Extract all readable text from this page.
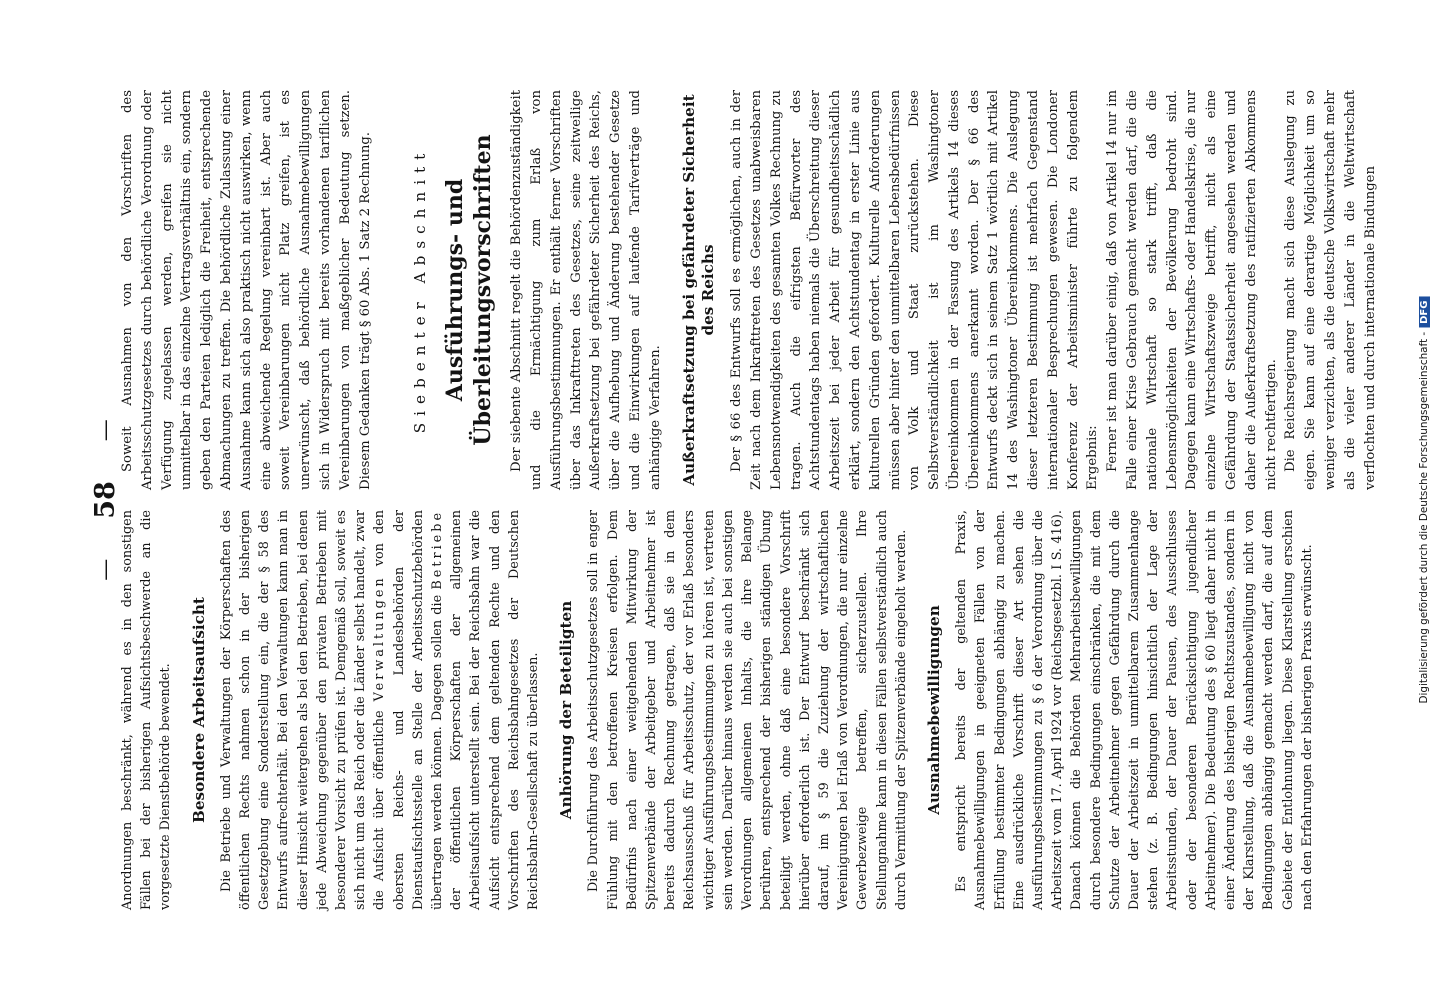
—
58
—

Anordnungen beschränkt, während es in den sonstigen Fällen bei der bisherigen Aufsichtsbeschwerde an die vorgesetzte Dienstbehörde bewendet. Besondere Arbeitsaufsicht Die Betriebe und Verwaltungen der Körperschaften des öffentlichen Rechts nahmen schon in der bisherigen Gesetzgebung eine Sonderstellung ein, die der § 58 des Entwurfs aufrechterhält. Bei den Verwaltungen kann man in dieser Hinsicht weitergehen als bei den Betrieben, bei denen jede Abweichung gegenüber den privaten Betrieben mit besonderer Vorsicht zu prüfen ist. Demgemäß soll, soweit es sich nicht um das Reich oder die Länder selbst handelt, zwar die Aufsicht über öffentliche Verwaltungen von den obersten Reichs- und Landesbehörden der Dienstaufsichtsstelle an Stelle der Arbeitsschutzbehörden übertragen werden können. Dagegen sollen die Betriebe der öffentlichen Körperschaften der allgemeinen Arbeitsaufsicht unterstellt sein. Bei der Reichsbahn war die Aufsicht entsprechend dem geltenden Rechte und den Vorschriften des Reichsbahngesetzes der Deutschen Reichsbahn-Gesellschaft zu überlassen. Anhörung der Beteiligten Die Durchführung des Arbeitsschutzgesetzes soll in enger Fühlung mit den betroffenen Kreisen erfolgen. Dem Bedürfnis nach einer weitgehenden Mitwirkung der Spitzenverbände der Arbeitgeber und Arbeitnehmer ist bereits dadurch Rechnung getragen, daß sie in dem Reichsausschuß für Arbeitsschutz, der vor Erlaß besonders wichtiger Ausführungsbestimmungen zu hören ist, vertreten sein werden. Darüber hinaus werden sie auch bei sonstigen Verordnungen allgemeinen Inhalts, die ihre Belange berühren, entsprechend der bisherigen ständigen Übung beteiligt werden, ohne daß eine besondere Vorschrift hierüber erforderlich ist. Der Entwurf beschränkt sich darauf, im § 59 die Zuziehung der wirtschaftlichen Vereinigungen bei Erlaß von Verordnungen, die nur einzelne Gewerbezweige betreffen, sicherzustellen. Ihre Stellungnahme kann in diesen Fällen selbstverständlich auch durch Vermittlung der Spitzenverbände eingeholt werden. Ausnahmebewilligungen Es entspricht bereits der geltenden Praxis, Ausnahmebewilligungen in geeigneten Fällen von der Erfüllung bestimmter Bedingungen abhängig zu machen. Eine ausdrückliche Vorschrift dieser Art sehen die Ausführungsbestimmungen zu § 6 der Verordnung über die Arbeitszeit vom 17. April 1924 vor (Reichsgesetzbl. I S. 416). Danach können die Behörden Mehrarbeitsbewilligungen durch besondere Bedingungen einschränken, die mit dem Schutze der Arbeitnehmer gegen Gefährdung durch die Dauer der Arbeitszeit in unmittelbarem Zusammenhange stehen (z. B. Bedingungen hinsichtlich der Lage der Arbeitsstunden, der Dauer der Pausen, des Ausschlusses oder der besonderen Berücksichtigung jugendlicher Arbeitnehmer). Die Bedeutung des § 60 liegt daher nicht in einer Änderung des bisherigen Rechtszustandes, sondern in der Klarstellung, daß die Ausnahmebewilligung nicht von Bedingungen abhängig gemacht werden darf, die auf dem Gebiete der Entlohnung liegen. Diese Klarstellung erschien nach den Erfahrungen der bisherigen Praxis erwünscht.

Soweit Ausnahmen von den Vorschriften des Arbeitsschutzgesetzes durch behördliche Verordnung oder Verfügung zugelassen werden, greifen sie nicht unmittelbar in das einzelne Vertragsverhältnis ein, sondern geben den Parteien lediglich die Freiheit, entsprechende Abmachungen zu treffen. Die behördliche Zulassung einer Ausnahme kann sich also praktisch nicht auswirken, wenn eine abweichende Regelung vereinbart ist. Aber auch soweit Vereinbarungen nicht Platz greifen, ist es unerwünscht, daß behördliche Ausnahmebewilligungen sich in Widerspruch mit bereits vorhandenen tariflichen Vereinbarungen von maßgeblicher Bedeutung setzen. Diesem Gedanken trägt § 60 Abs. 1 Satz 2 Rechnung.	Siebenter Abschnitt Ausführungs- und Überleitungsvorschriften Der siebente Abschnitt regelt die Behördenzuständigkeit und die Ermächtigung zum Erlaß von Ausführungsbestimmungen. Er enthält ferner Vorschriften über das Inkrafttreten des Gesetzes, seine zeitweilige Außerkraftsetzung bei gefährdeter Sicherheit des Reichs, über die Aufhebung und Änderung bestehender Gesetze und die Einwirkungen auf laufende Tarifverträge und anhängige Verfahren. Außerkraftsetzung bei gefährdeter Sicherheit des Reichs Der § 66 des Entwurfs soll es ermöglichen, auch in der Zeit nach dem Inkrafttreten des Gesetzes unabweisbaren Lebensnotwendigkeiten des gesamten Volkes Rechnung zu tragen. Auch die eifrigsten Befürworter des Achtstundentags haben niemals die Überschreitung dieser Arbeitszeit bei jeder Arbeit für gesundheitsschädlich erklärt, sondern den Achtstundentag in erster Linie aus kulturellen Gründen gefordert. Kulturelle Anforderungen müssen aber hinter den unmittelbaren Lebensbedürfnissen von Volk und Staat zurückstehen. Diese Selbstverständlichkeit ist im Washingtoner Übereinkommen in der Fassung des Artikels 14 dieses Übereinkommens anerkannt worden. Der § 66 des Entwurfs deckt sich in seinem Satz 1 wörtlich mit Artikel 14 des Washingtoner Übereinkommens. Die Auslegung dieser letzteren Bestimmung ist mehrfach Gegenstand internationaler Besprechungen gewesen. Die Londoner Konferenz der Arbeitsminister führte zu folgendem Ergebnis: Ferner ist man darüber einig, daß von Artikel 14 nur im Falle einer Krise Gebrauch gemacht werden darf, die die nationale Wirtschaft so stark trifft, daß die Lebensmöglichkeiten der Bevölkerung bedroht sind. Dagegen kann eine Wirtschafts- oder Handelskrise, die nur einzelne Wirtschaftszweige betrifft, nicht als eine Gefährdung der Staatssicherheit angesehen werden und daher die Außerkraftsetzung des ratifizierten Abkommens nicht rechtfertigen. Die Reichsregierung macht sich diese Auslegung zu eigen. Sie kann auf eine derartige Möglichkeit um so weniger verzichten, als die deutsche Volkswirtschaft mehr als die vieler anderer Länder in die Weltwirtschaft verflochten und durch internationale Bindungen

Digitalisierung gefördert durch die Deutsche Forschungsgemeinschaft -DFG
